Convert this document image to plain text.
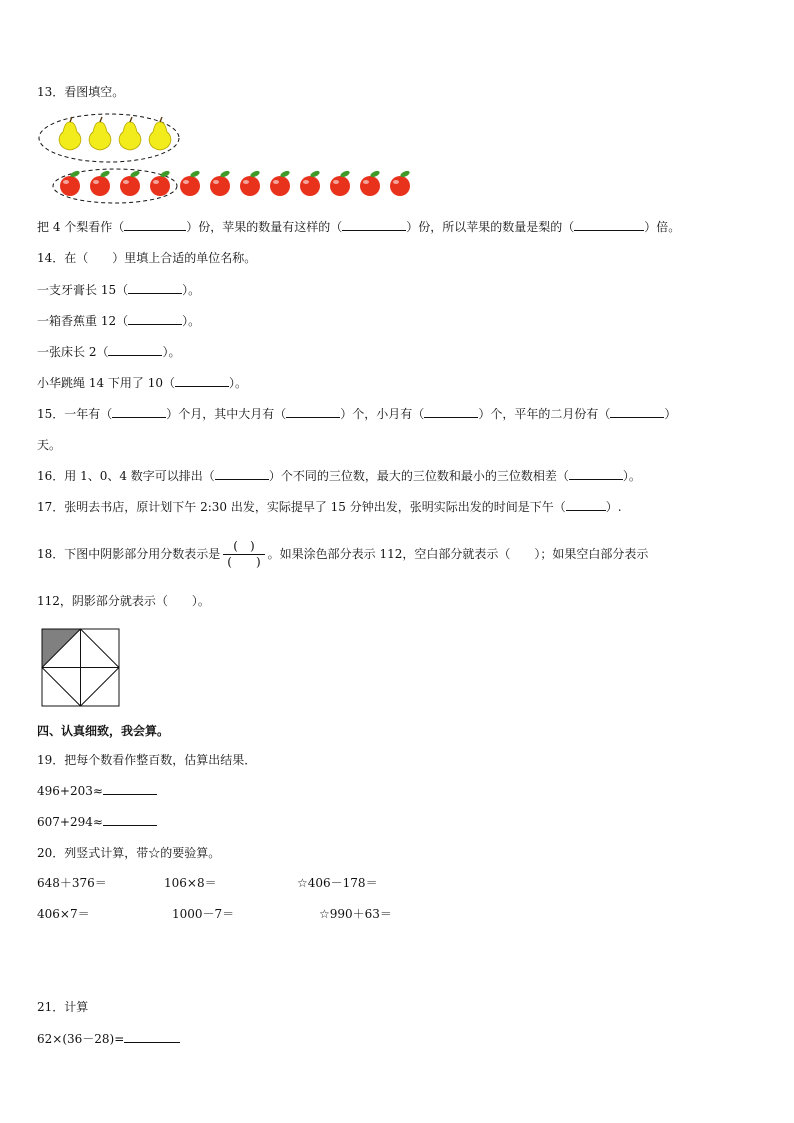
13．看图填空。
把 4 个梨看作（	）份，苹果的数量有这样的（	）份，所以苹果的数量是梨的（	）倍。
14．在（　　）里填上合适的单位名称。
一支牙膏长 15（	）。
一箱香蕉重 12（	）。
一张床长 2（	）。
小华跳绳 14 下用了 10（	）。
15．一年有（	）个月，其中大月有（	）个，小月有（	）个，平年的二月份有（	）
天。
16．用 1、0、4 数字可以排出（	）个不同的三位数，最大的三位数和最小的三位数相差（	）。
17．张明去书店，原计划下午 2:30 出发，实际提早了 15 分钟出发，张明实际出发的时间是下午（	）.
18．下图中阴影部分用分数表示是 $\frac{( )}{( )}$ 。如果涂色部分表示 112，空白部分就表示（　　）；如果空白部分表示
112，阴影部分就表示（　　）。
四、认真细致，我会算。
19．把每个数看作整百数，估算出结果．
496+203≈
607+294≈
20．列竖式计算，带☆的要验算。
648＋376＝	106×8＝	☆406－178＝
406×7＝	1000－7＝	☆990＋63＝
21．计算
62×(36－28)=
